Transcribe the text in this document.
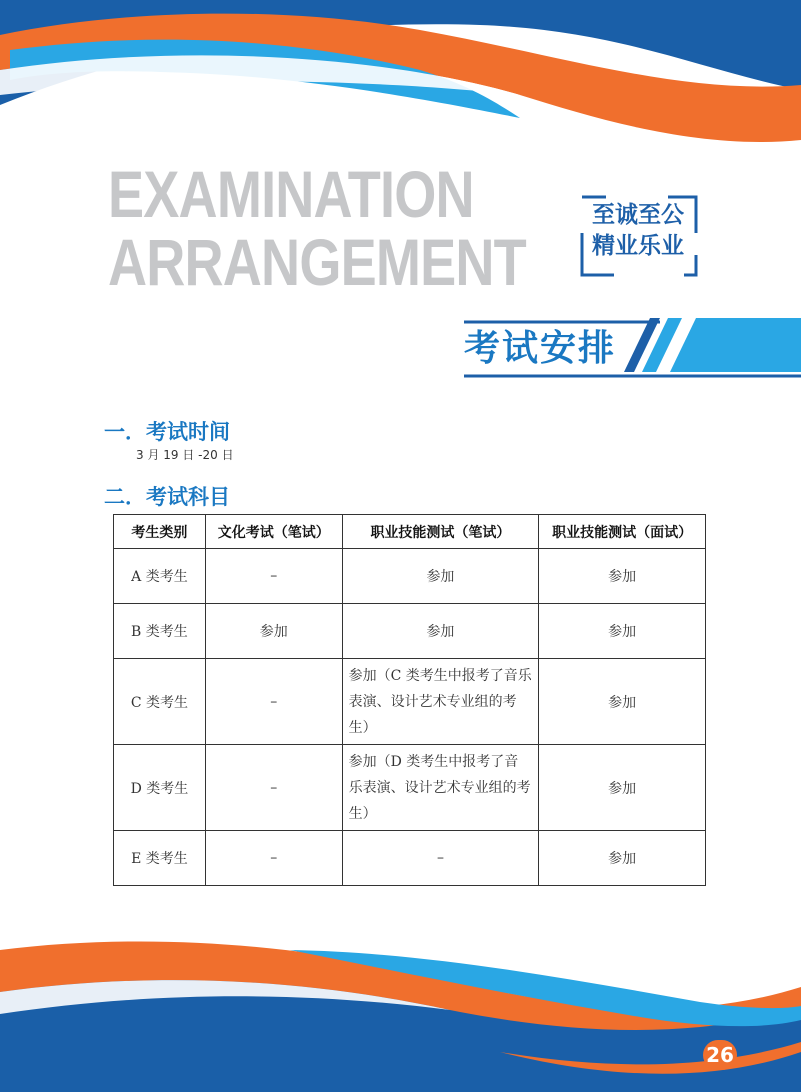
EXAMINATION
ARRANGEMENT
至诚至公
精业乐业
考试安排
一．考试时间
3 月 19 日 -20 日
二．考试科目
考生类别	文化考试（笔试）	职业技能测试（笔试）	职业技能测试（面试）
A 类考生	–	参加	参加
B 类考生	参加	参加	参加
C 类考生	–	参加（C 类考生中报考了音乐表演、设计艺术专业组的考生）	参加
D 类考生	–	参加（D 类考生中报考了音乐表演、设计艺术专业组的考生）	参加
E 类考生	–	–	参加
26
